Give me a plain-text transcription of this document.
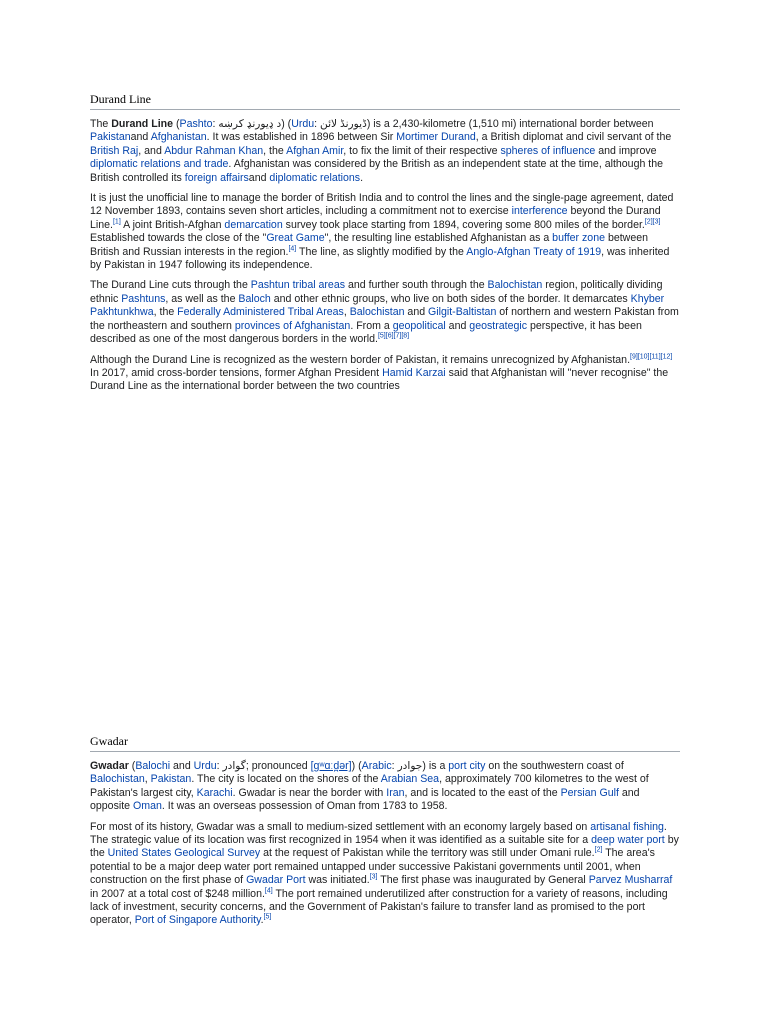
Durand Line

The Durand Line (Pashto: د ډیورنډ کرښه) (Urdu: ڈیورنڈ لائن) is a 2,430-kilometre (1,510 mi) international border between Pakistanand Afghanistan. It was established in 1896 between Sir Mortimer Durand, a British diplomat and civil servant of the British Raj, and Abdur Rahman Khan, the Afghan Amir, to fix the limit of their respective spheres of influence and improve diplomatic relations and trade. Afghanistan was considered by the British as an independent state at the time, although the British controlled its foreign affairsand diplomatic relations.

It is just the unofficial line to manage the border of British India and to control the lines and the single-page agreement, dated 12 November 1893, contains seven short articles, including a commitment not to exercise interference beyond the Durand Line.[1] A joint British-Afghan demarcation survey took place starting from 1894, covering some 800 miles of the border.[2][3] Established towards the close of the "Great Game", the resulting line established Afghanistan as a buffer zone between British and Russian interests in the region.[4] The line, as slightly modified by the Anglo-Afghan Treaty of 1919, was inherited by Pakistan in 1947 following its independence.

The Durand Line cuts through the Pashtun tribal areas and further south through the Balochistan region, politically dividing ethnic Pashtuns, as well as the Baloch and other ethnic groups, who live on both sides of the border. It demarcates Khyber Pakhtunkhwa, the Federally Administered Tribal Areas, Balochistan and Gilgit-Baltistan of northern and western Pakistan from the northeastern and southern provinces of Afghanistan. From a geopolitical and geostrategic perspective, it has been described as one of the most dangerous borders in the world.[5][6][7][8]

Although the Durand Line is recognized as the western border of Pakistan, it remains unrecognized by Afghanistan.[9][10][11][12] In 2017, amid cross-border tensions, former Afghan President Hamid Karzai said that Afghanistan will "never recognise" the Durand Line as the international border between the two countries

Gwadar

Gwadar (Balochi and Urdu: گوادر; pronounced [ɡʷɑːd̪ər]) (Arabic: جوادر) is a port city on the southwestern coast of Balochistan, Pakistan. The city is located on the shores of the Arabian Sea, approximately 700 kilometres to the west of Pakistan's largest city, Karachi. Gwadar is near the border with Iran, and is located to the east of the Persian Gulf and opposite Oman. It was an overseas possession of Oman from 1783 to 1958.

For most of its history, Gwadar was a small to medium-sized settlement with an economy largely based on artisanal fishing. The strategic value of its location was first recognized in 1954 when it was identified as a suitable site for a deep water port by the United States Geological Survey at the request of Pakistan while the territory was still under Omani rule.[2] The area's potential to be a major deep water port remained untapped under successive Pakistani governments until 2001, when construction on the first phase of Gwadar Port was initiated.[3] The first phase was inaugurated by General Parvez Musharraf in 2007 at a total cost of $248 million.[4] The port remained underutilized after construction for a variety of reasons, including lack of investment, security concerns, and the Government of Pakistan's failure to transfer land as promised to the port operator, Port of Singapore Authority.[5]
